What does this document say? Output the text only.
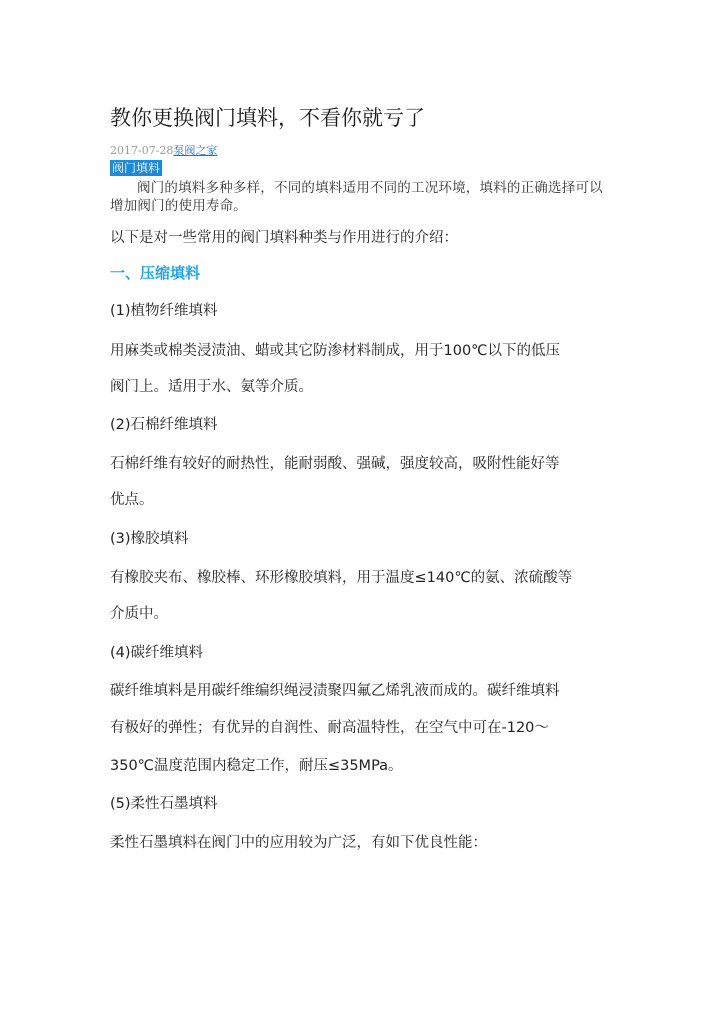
教你更换阀门填料，不看你就亏了
2017-07-28泵阀之家
阀门填料
阀门的填料多种多样，不同的填料适用不同的工况环境，填料的正确选择可以增加阀门的使用寿命。
以下是对一些常用的阀门填料种类与作用进行的介绍：
一、压缩填料
(1)植物纤维填料
用麻类或棉类浸渍油、蜡或其它防渗材料制成，用于100℃以下的低压
阀门上。适用于水、氨等介质。
(2)石棉纤维填料
石棉纤维有较好的耐热性，能耐弱酸、强碱，强度较高，吸附性能好等
优点。
(3)橡胶填料
有橡胶夹布、橡胶棒、环形橡胶填料，用于温度≤140℃的氨、浓硫酸等
介质中。
(4)碳纤维填料
碳纤维填料是用碳纤维编织绳浸渍聚四氟乙烯乳液而成的。碳纤维填料
有极好的弹性；有优异的自润性、耐高温特性，在空气中可在-120～
350℃温度范围内稳定工作，耐压≤35MPa。
(5)柔性石墨填料
柔性石墨填料在阀门中的应用较为广泛，有如下优良性能：
